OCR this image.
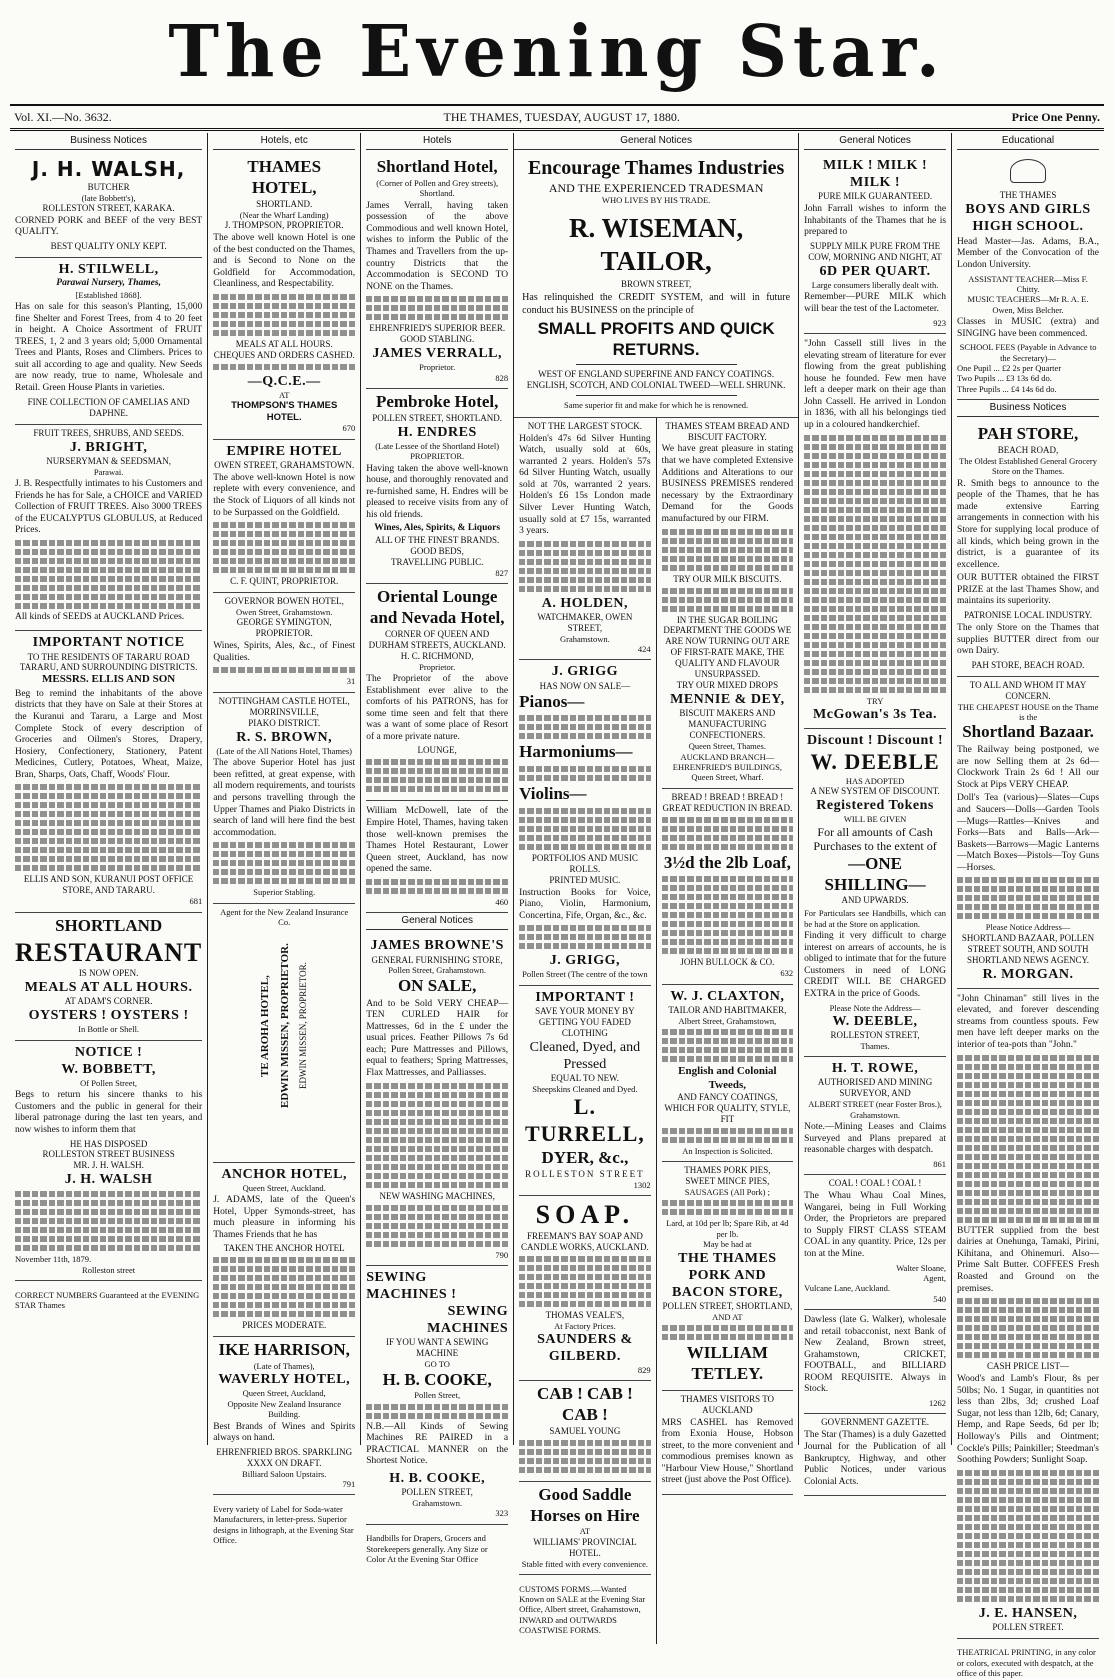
The Evening Star.
Vol. XI.—No. 3632.	THE THAMES, TUESDAY, AUGUST 17, 1880.	Price One Penny.
Business Notices
J. H. WALSH,
BUTCHER
(late Bobbett's),
ROLLESTON STREET, KARAKA.

CORNED PORK and BEEF of the very BEST QUALITY.

BEST QUALITY ONLY KEPT.
H. STILWELL,
Parawai Nursery, Thames,
[Established 1868].

Has on sale for this season's Planting, 15,000 fine Shelter and Forest Trees, from 4 to 20 feet in height. A Choice Assortment of FRUIT TREES, 1, 2 and 3 years old; 5,000 Ornamental Trees and Plants, Roses and Climbers. Prices to suit all according to age and quality. New Seeds are now ready, true to name, Wholesale and Retail. Green House Plants in varieties.

FINE COLLECTION OF CAMELIAS AND DAPHNE.
FRUIT TREES, SHRUBS, AND SEEDS.
J. BRIGHT,
NURSERYMAN & SEEDSMAN,
Parawai.

J. B. Respectfully intimates to his Customers and Friends he has for Sale, a CHOICE and VARIED Collection of FRUIT TREES. Also 3000 TREES of the EUCALYPTUS GLOBULUS, at Reduced Prices.

All kinds of SEEDS at AUCKLAND Prices.

IMPORTANT NOTICE
TO THE RESIDENTS OF TARARU ROAD TARARU, AND SURROUNDING DISTRICTS.
MESSRS. ELLIS AND SON

Beg to remind the inhabitants of the above districts that they have on Sale at their Stores at the Kuranui and Tararu, a Large and Most Complete Stock of every description of Groceries and Oilmen's Stores, Drapery, Hosiery, Confectionery, Stationery, Patent Medicines, Cutlery, Potatoes, Wheat, Maize, Bran, Sharps, Oats, Chaff, Woods' Flour.

ELLIS AND SON, KURANUI POST OFFICE STORE, AND TARARU.
681
SHORTLAND
RESTAURANT
IS NOW OPEN.
MEALS AT ALL HOURS.
AT ADAM'S CORNER.
OYSTERS ! OYSTERS !
In Bottle or Shell.
NOTICE !
W. BOBBETT,
Of Pollen Street,

Begs to return his sincere thanks to his Customers and the public in general for their liberal patronage during the last ten years, and now wishes to inform them that

HE HAS DISPOSED
ROLLESTON STREET BUSINESS
MR. J. H. WALSH.
J. H. WALSH
November 11th, 1879.
Rolleston street

CORRECT NUMBERS Guaranteed at the EVENING STAR Thames

Hotels, etc
THAMES HOTEL,
SHORTLAND.
(Near the Wharf Landing)
J. THOMPSON, PROPRIETOR.

The above well known Hotel is one of the best conducted on the Thames, and is Second to None on the Goldfield for Accommodation, Cleanliness, and Respectability.

MEALS AT ALL HOURS.
CHEQUES AND ORDERS CASHED.
—Q.C.E.—
AT
THOMPSON'S THAMES HOTEL.
670
EMPIRE HOTEL
OWEN STREET, GRAHAMSTOWN.

The above well-known Hotel is now replete with every convenience, and the Stock of Liquors of all kinds not to be Surpassed on the Goldfield.

C. F. QUINT, PROPRIETOR.
GOVERNOR BOWEN HOTEL,
Owen Street, Grahamstown.
GEORGE SYMINGTON, PROPRIETOR.

Wines, Spirits, Ales, &c., of Finest Qualities.

31
NOTTINGHAM CASTLE HOTEL, MORRINSVILLE,
PIAKO DISTRICT.
R. S. BROWN,
(Late of the All Nations Hotel, Thames)

The above Superior Hotel has just been refitted, at great expense, with all modern requirements, and tourists and persons travelling through the Upper Thames and Piako Districts in search of land will here find the best accommodation.

Superior Stabling.
Agent for the New Zealand Insurance Co.
TE AROHA HOTEL, EDWIN MISSEN, PROPRIETOR. EDWIN MISSEN, PROPRIETOR.
ANCHOR HOTEL,
Queen Street, Auckland.

J. ADAMS, late of the Queen's Hotel, Upper Symonds-street, has much pleasure in informing his Thames Friends that he has

TAKEN THE ANCHOR HOTEL
PRICES MODERATE.
IKE HARRISON,
(Late of Thames),
WAVERLY HOTEL,
Queen Street, Auckland,
Opposite New Zealand Insurance Building.

Best Brands of Wines and Spirits always on hand.

EHRENFRIED BROS. SPARKLING XXXX ON DRAFT.
Billiard Saloon Upstairs.
791

Every variety of Label for Soda-water Manufacturers, in letter-press. Superior designs in lithograph, at the Evening Star Office.

Hotels
Shortland Hotel,
(Corner of Pollen and Grey streets), Shortland.

James Verrall, having taken possession of the above Commodious and well known Hotel, wishes to inform the Public of the Thames and Travellers from the up-country Districts that the Accommodation is SECOND TO NONE on the Thames.

EHRENFRIED'S SUPERIOR BEER.
GOOD STABLING.
JAMES VERRALL,
Proprietor.
828
Pembroke Hotel,
POLLEN STREET, SHORTLAND.
H. ENDRES
(Late Lessee of the Shortland Hotel) PROPRIETOR.

Having taken the above well-known house, and thoroughly renovated and re-furnished same, H. Endres will be pleased to receive visits from any of his old friends.

Wines, Ales, Spirits, & Liquors
ALL OF THE FINEST BRANDS.
GOOD BEDS,
TRAVELLING PUBLIC.
827
Oriental Lounge and Nevada Hotel,
CORNER OF QUEEN AND DURHAM STREETS, AUCKLAND.
H. C. RICHMOND,
Proprietor.

The Proprietor of the above Establishment ever alive to the comforts of his PATRONS, has for some time seen and felt that there was a want of some place of Resort of a more private nature.

LOUNGE,

William McDowell, late of the Empire Hotel, Thames, having taken those well-known premises the Thames Hotel Restaurant, Lower Queen street, Auckland, has now opened the same.

460
General Notices
JAMES BROWNE'S
GENERAL FURNISHING STORE,
Pollen Street, Grahamstown.
ON SALE,

And to be Sold VERY CHEAP— TEN CURLED HAIR for Mattresses, 6d in the £ under the usual prices. Feather Pillows 7s 6d each; Pure Mattresses and Pillows, equal to feathers; Spring Mattresses, Flax Mattresses, and Palliasses.

NEW WASHING MACHINES,
790
SEWING MACHINES !
SEWING MACHINES
IF YOU WANT A SEWING MACHINE
GO TO
H. B. COOKE,
Pollen Street,

N.B.—All Kinds of Sewing Machines RE PAIRED in a PRACTICAL MANNER on the Shortest Notice.

H. B. COOKE,
POLLEN STREET,
Grahamstown.
323

Handbills for Drapers, Grocers and Storekeepers generally. Any Size or Color At the Evening Star Office

General Notices
Encourage Thames Industries
AND THE EXPERIENCED TRADESMAN
WHO LIVES BY HIS TRADE.
R. WISEMAN, TAILOR,
BROWN STREET,

Has relinquished the CREDIT SYSTEM, and will in future conduct his BUSINESS on the principle of

SMALL PROFITS AND QUICK RETURNS.
WEST OF ENGLAND SUPERFINE AND FANCY COATINGS. ENGLISH, SCOTCH, AND COLONIAL TWEED—WELL SHRUNK.
Same superior fit and make for which he is renowned.
NOT THE LARGEST STOCK.

Holden's 47s 6d Silver Hunting Watch, usually sold at 60s, warranted 2 years. Holden's 57s 6d Silver Hunting Watch, usually sold at 70s, warranted 2 years. Holden's £6 15s London made Silver Lever Hunting Watch, usually sold at £7 15s, warranted 3 years.

A. HOLDEN,
WATCHMAKER, OWEN STREET,
Grahamstown.
424
J. GRIGG
HAS NOW ON SALE—
Pianos—
Harmoniums—
Violins—
PORTFOLIOS AND MUSIC ROLLS.
PRINTED MUSIC.

Instruction Books for Voice, Piano, Violin, Harmonium, Concertina, Fife, Organ, &c., &c.

J. GRIGG,
Pollen Street (The centre of the town
IMPORTANT !
SAVE YOUR MONEY BY GETTING YOU FADED CLOTHING
Cleaned, Dyed, and Pressed
EQUAL TO NEW.
Sheepskins Cleaned and Dyed.
L. TURRELL,
DYER, &c.,
ROLLESTON STREET
1302
SOAP.
FREEMAN'S BAY SOAP AND CANDLE WORKS, AUCKLAND.
THOMAS VEALE'S,
At Factory Prices.
SAUNDERS & GILBERD.
829
CAB ! CAB ! CAB !
SAMUEL YOUNG
Good Saddle Horses on Hire
AT
WILLIAMS' PROVINCIAL HOTEL.
Stable fitted with every convenience.

CUSTOMS FORMS.—Wanted Known on SALE at the Evening Star Office, Albert street, Grahamstown, INWARD and OUTWARDS COASTWISE FORMS.

THAMES STEAM BREAD AND BISCUIT FACTORY.

We have great pleasure in stating that we have completed Extensive Additions and Alterations to our BUSINESS PREMISES rendered necessary by the Extraordinary Demand for the Goods manufactured by our FIRM.

TRY OUR MILK BISCUITS.
IN THE SUGAR BOILING DEPARTMENT THE GOODS WE ARE NOW TURNING OUT ARE OF FIRST-RATE MAKE, THE QUALITY AND FLAVOUR UNSURPASSED.
TRY OUR MIXED DROPS
MENNIE & DEY,
BISCUIT MAKERS AND MANUFACTURING CONFECTIONERS.
Queen Street, Thames.
AUCKLAND BRANCH— EHRENFRIED'S BUILDINGS, Queen Street, Wharf.
BREAD ! BREAD ! BREAD !
GREAT REDUCTION IN BREAD.
3½d the 2lb Loaf,
JOHN BULLOCK & CO.
632
W. J. CLAXTON,
TAILOR AND HABITMAKER,
Albert Street, Grahamstown,
English and Colonial Tweeds,
AND FANCY COATINGS, WHICH FOR QUALITY, STYLE, FIT
An Inspection is Solicited.
THAMES PORK PIES,
SWEET MINCE PIES,
SAUSAGES (All Pork) ;
Lard, at 10d per lb; Spare Rib, at 4d per lb.
May be had at
THE THAMES PORK AND
BACON STORE,
POLLEN STREET, SHORTLAND,
AND AT
WILLIAM TETLEY.
THAMES VISITORS TO AUCKLAND

MRS CASHEL has Removed from Exonia House, Hobson street, to the more convenient and commodious premises known as "Harbour View House," Shortland street (just above the Post Office).

General Notices
MILK ! MILK ! MILK !
PURE MILK GUARANTEED.

John Farrall wishes to inform the Inhabitants of the Thames that he is prepared to

SUPPLY MILK PURE FROM THE COW, MORNING AND NIGHT, AT
6D PER QUART.
Large consumers liberally dealt with.

Remember—PURE MILK which will bear the test of the Lactometer.

923

"John Cassell still lives in the elevating stream of literature for ever flowing from the great publishing house he founded. Few men have left a deeper mark on their age than John Cassell. He arrived in London in 1836, with all his belongings tied up in a coloured handkerchief.

TRY
McGowan's 3s Tea.
Discount ! Discount !
W. DEEBLE
HAS ADOPTED
A NEW SYSTEM OF DISCOUNT.
Registered Tokens
WILL BE GIVEN
For all amounts of Cash Purchases to the extent of
—ONE SHILLING—
AND UPWARDS.

For Particulars see Handbills, which can be had at the Store on application.

Finding it very difficult to charge interest on arrears of accounts, he is obliged to intimate that for the future Customers in need of LONG CREDIT WILL BE CHARGED EXTRA in the price of Goods.

Please Note the Address—
W. DEEBLE,
ROLLESTON STREET,
Thames.
H. T. ROWE,
AUTHORISED AND MINING SURVEYOR, AND
ALBERT STREET (near Foster Bros.), Grahamstown.

Note.—Mining Leases and Claims Surveyed and Plans prepared at reasonable charges with despatch.

861
COAL ! COAL ! COAL !

The Whau Whau Coal Mines, Wangarei, being in Full Working Order, the Proprietors are prepared to Supply FIRST CLASS STEAM COAL in any quantity. Price, 12s per ton at the Mine.

Walter Sloane,
Agent,
Vulcane Lane, Auckland.
540

Dawless (late G. Walker), wholesale and retail tobacconist, next Bank of New Zealand, Brown street, Grahamstown, CRICKET, FOOTBALL, and BILLIARD ROOM REQUISITE. Always in Stock.

1262
GOVERNMENT GAZETTE.

The Star (Thames) is a duly Gazetted Journal for the Publication of all Bankruptcy, Highway, and other Public Notices, under various Colonial Acts.

Educational
THE THAMES
BOYS AND GIRLS HIGH SCHOOL.

Head Master—Jas. Adams, B.A., Member of the Convocation of the London University.

ASSISTANT TEACHER—Miss F. Chitty.
MUSIC TEACHERS—Mr R. A. E. Owen, Miss Belcher.

Classes in MUSIC (extra) and SINGING have been commenced.

SCHOOL FEES (Payable in Advance to the Secretary)—
One Pupil ... £2 2s per Quarter
Two Pupils ... £3 13s 6d do.
Three Pupils ... £4 14s 6d do.
Business Notices
PAH STORE,
BEACH ROAD,
The Oldest Established General Grocery Store on the Thames.

R. Smith begs to announce to the people of the Thames, that he has made extensive Earring arrangements in connection with his Store for supplying local produce of all kinds, which being grown in the district, is a guarantee of its excellence.

OUR BUTTER obtained the FIRST PRIZE at the last Thames Show, and maintains its superiority.

PATRONISE LOCAL INDUSTRY.

The only Store on the Thames that supplies BUTTER direct from our own Dairy.

PAH STORE, BEACH ROAD.
TO ALL AND WHOM IT MAY CONCERN.
THE CHEAPEST HOUSE on the Thame is the
Shortland Bazaar.

The Railway being postponed, we are now Selling them at 2s 6d—Clockwork Train 2s 6d ! All our Stock at Pips VERY CHEAP.

Doll's Tea (various)—Slates—Cups and Saucers—Dolls—Garden Tools—Mugs—Rattles—Knives and Forks—Bats and Balls—Ark—Baskets—Barrows—Magic Lanterns—Match Boxes—Pistols—Toy Guns—Horses.

Please Notice Address—
SHORTLAND BAZAAR, POLLEN STREET SOUTH, AND SOUTH SHORTLAND NEWS AGENCY.
R. MORGAN.

"John Chinaman" still lives in the elevated, and forever descending streams from countless spouts. Few men have left deeper marks on the interior of tea-pots than "John."

BUTTER supplied from the best dairies at Onehunga, Tamaki, Pirini, Kihitana, and Ohinemuri. Also—Prime Salt Butter. COFFEES Fresh Roasted and Ground on the premises.

CASH PRICE LIST—

Wood's and Lamb's Flour, 8s per 50lbs; No. 1 Sugar, in quantities not less than 2lbs, 3d; crushed Loaf Sugar, not less than 12lb, 6d; Canary, Hemp, and Rape Seeds, 6d per lb; Holloway's Pills and Ointment; Cockle's Pills; Painkiller; Steedman's Soothing Powders; Sunlight Soap.

J. E. HANSEN,
POLLEN STREET.

THEATRICAL PRINTING, in any color or colors, executed with despatch, at the office of this paper.
